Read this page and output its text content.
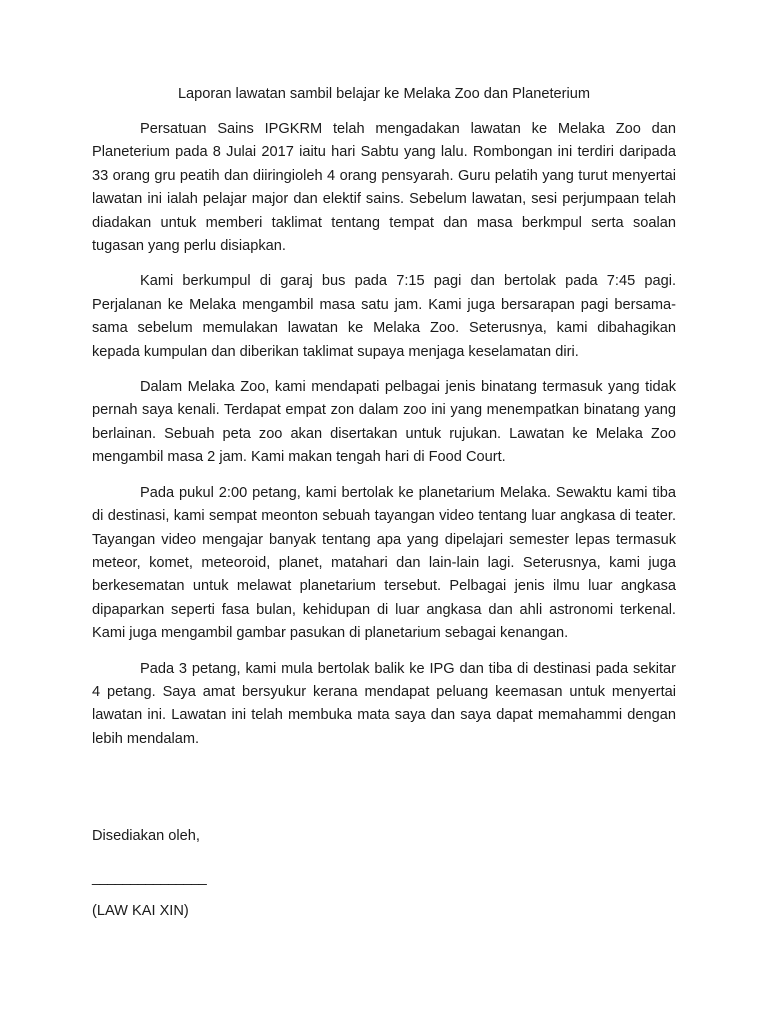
Laporan lawatan sambil belajar ke Melaka Zoo dan Planeterium

Persatuan Sains IPGKRM telah mengadakan lawatan ke Melaka Zoo dan Planeterium pada 8 Julai 2017 iaitu hari Sabtu yang lalu. Rombongan ini terdiri daripada 33 orang gru peatih dan diiringioleh 4 orang pensyarah. Guru pelatih yang turut menyertai lawatan ini ialah pelajar major dan elektif sains. Sebelum lawatan, sesi perjumpaan telah diadakan untuk memberi taklimat tentang tempat dan masa berkmpul serta soalan tugasan yang perlu disiapkan.

Kami berkumpul di garaj bus pada 7:15 pagi dan bertolak pada 7:45 pagi. Perjalanan ke Melaka mengambil masa satu jam. Kami juga bersarapan pagi bersama-sama sebelum memulakan lawatan ke Melaka Zoo. Seterusnya, kami dibahagikan kepada kumpulan dan diberikan taklimat supaya menjaga keselamatan diri.

Dalam Melaka Zoo, kami mendapati pelbagai jenis binatang termasuk yang tidak pernah saya kenali. Terdapat empat zon dalam zoo ini yang menempatkan binatang yang berlainan. Sebuah peta zoo akan disertakan untuk rujukan. Lawatan ke Melaka Zoo mengambil masa 2 jam. Kami makan tengah hari di Food Court.

Pada pukul 2:00 petang, kami bertolak ke planetarium Melaka. Sewaktu kami tiba di destinasi, kami sempat meonton sebuah tayangan video tentang luar angkasa di teater. Tayangan video mengajar banyak tentang apa yang dipelajari semester lepas termasuk meteor, komet, meteoroid, planet, matahari dan lain-lain lagi. Seterusnya, kami juga berkesematan untuk melawat planetarium tersebut. Pelbagai jenis ilmu luar angkasa dipaparkan seperti fasa bulan, kehidupan di luar angkasa dan ahli astronomi terkenal. Kami juga mengambil gambar pasukan di planetarium sebagai kenangan.

Pada 3 petang, kami mula bertolak balik ke IPG dan tiba di destinasi pada sekitar 4 petang. Saya amat bersyukur kerana mendapat peluang keemasan untuk menyertai lawatan ini. Lawatan ini telah membuka mata saya dan saya dapat memahammi dengan lebih mendalam.

Disediakan oleh,
_______________
(LAW KAI XIN)
